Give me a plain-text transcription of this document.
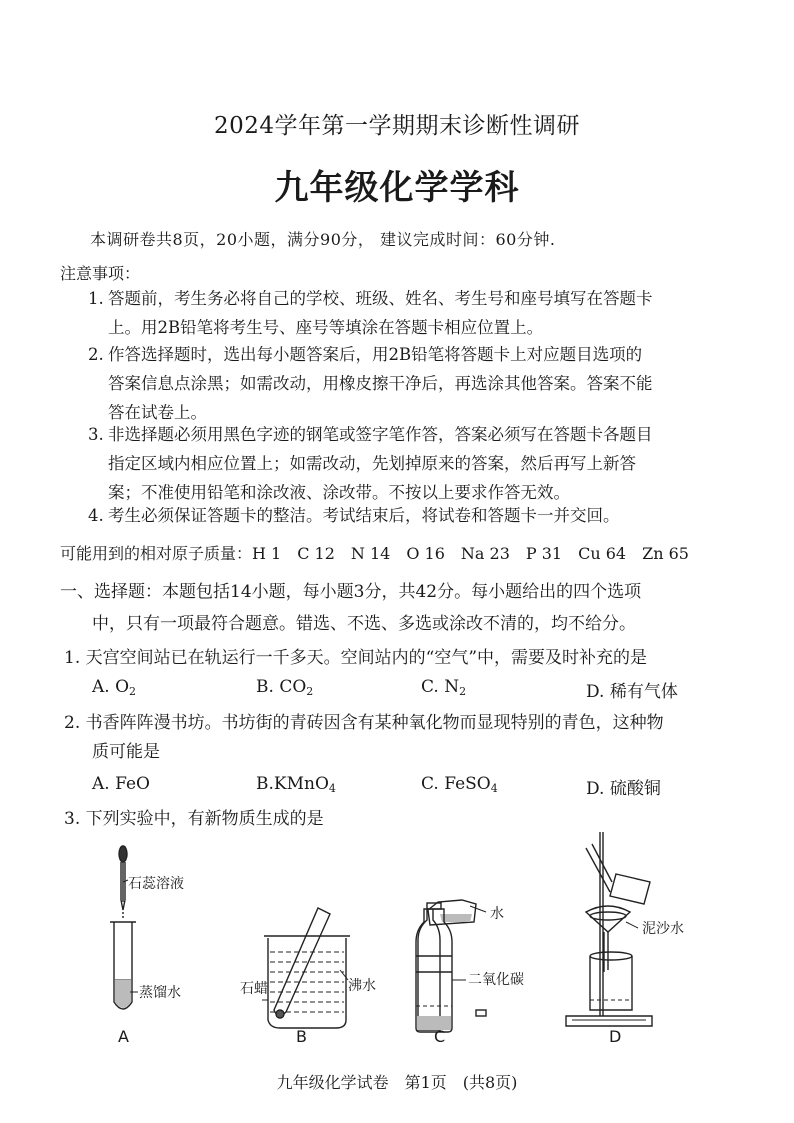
2024学年第一学期期末诊断性调研
九年级化学学科
本调研卷共8页，20小题，满分90分， 建议完成时间：60分钟.
注意事项：
1. 答题前，考生务必将自己的学校、班级、姓名、考生号和座号填写在答题卡
上。用2B铅笔将考生号、座号等填涂在答题卡相应位置上。
2. 作答选择题时，选出每小题答案后，用2B铅笔将答题卡上对应题目选项的
答案信息点涂黑；如需改动，用橡皮擦干净后，再选涂其他答案。答案不能
答在试卷上。
3. 非选择题必须用黑色字迹的钢笔或签字笔作答，答案必须写在答题卡各题目
指定区域内相应位置上；如需改动，先划掉原来的答案，然后再写上新答
案；不准使用铅笔和涂改液、涂改带。不按以上要求作答无效。
4. 考生必须保证答题卡的整洁。考试结束后，将试卷和答题卡一并交回。
可能用到的相对原子质量：H 1　C 12　N 14　O 16　Na 23　P 31　Cu 64　Zn 65
一、选择题：本题包括14小题，每小题3分，共42分。每小题给出的四个选项
中，只有一项最符合题意。错选、不选、多选或涂改不清的，均不给分。
1. 天宫空间站已在轨运行一千多天。空间站内的“空气”中，需要及时补充的是
A. $O_2$	B. $CO_2$	C. $N_2$	D. 稀有气体
2. 书香阵阵漫书坊。书坊街的青砖因含有某种氧化物而显现特别的青色，这种物
质可能是
A. FeO	B.KMnO$_4$	C. FeSO$_4$	D. 硫酸铜
3. 下列实验中，有新物质生成的是
石蕊溶液
蒸馏水
A
石蜡	沸水
B
水
二氧化碳
C
泥沙水
D
九年级化学试卷　第1页　(共8页)
